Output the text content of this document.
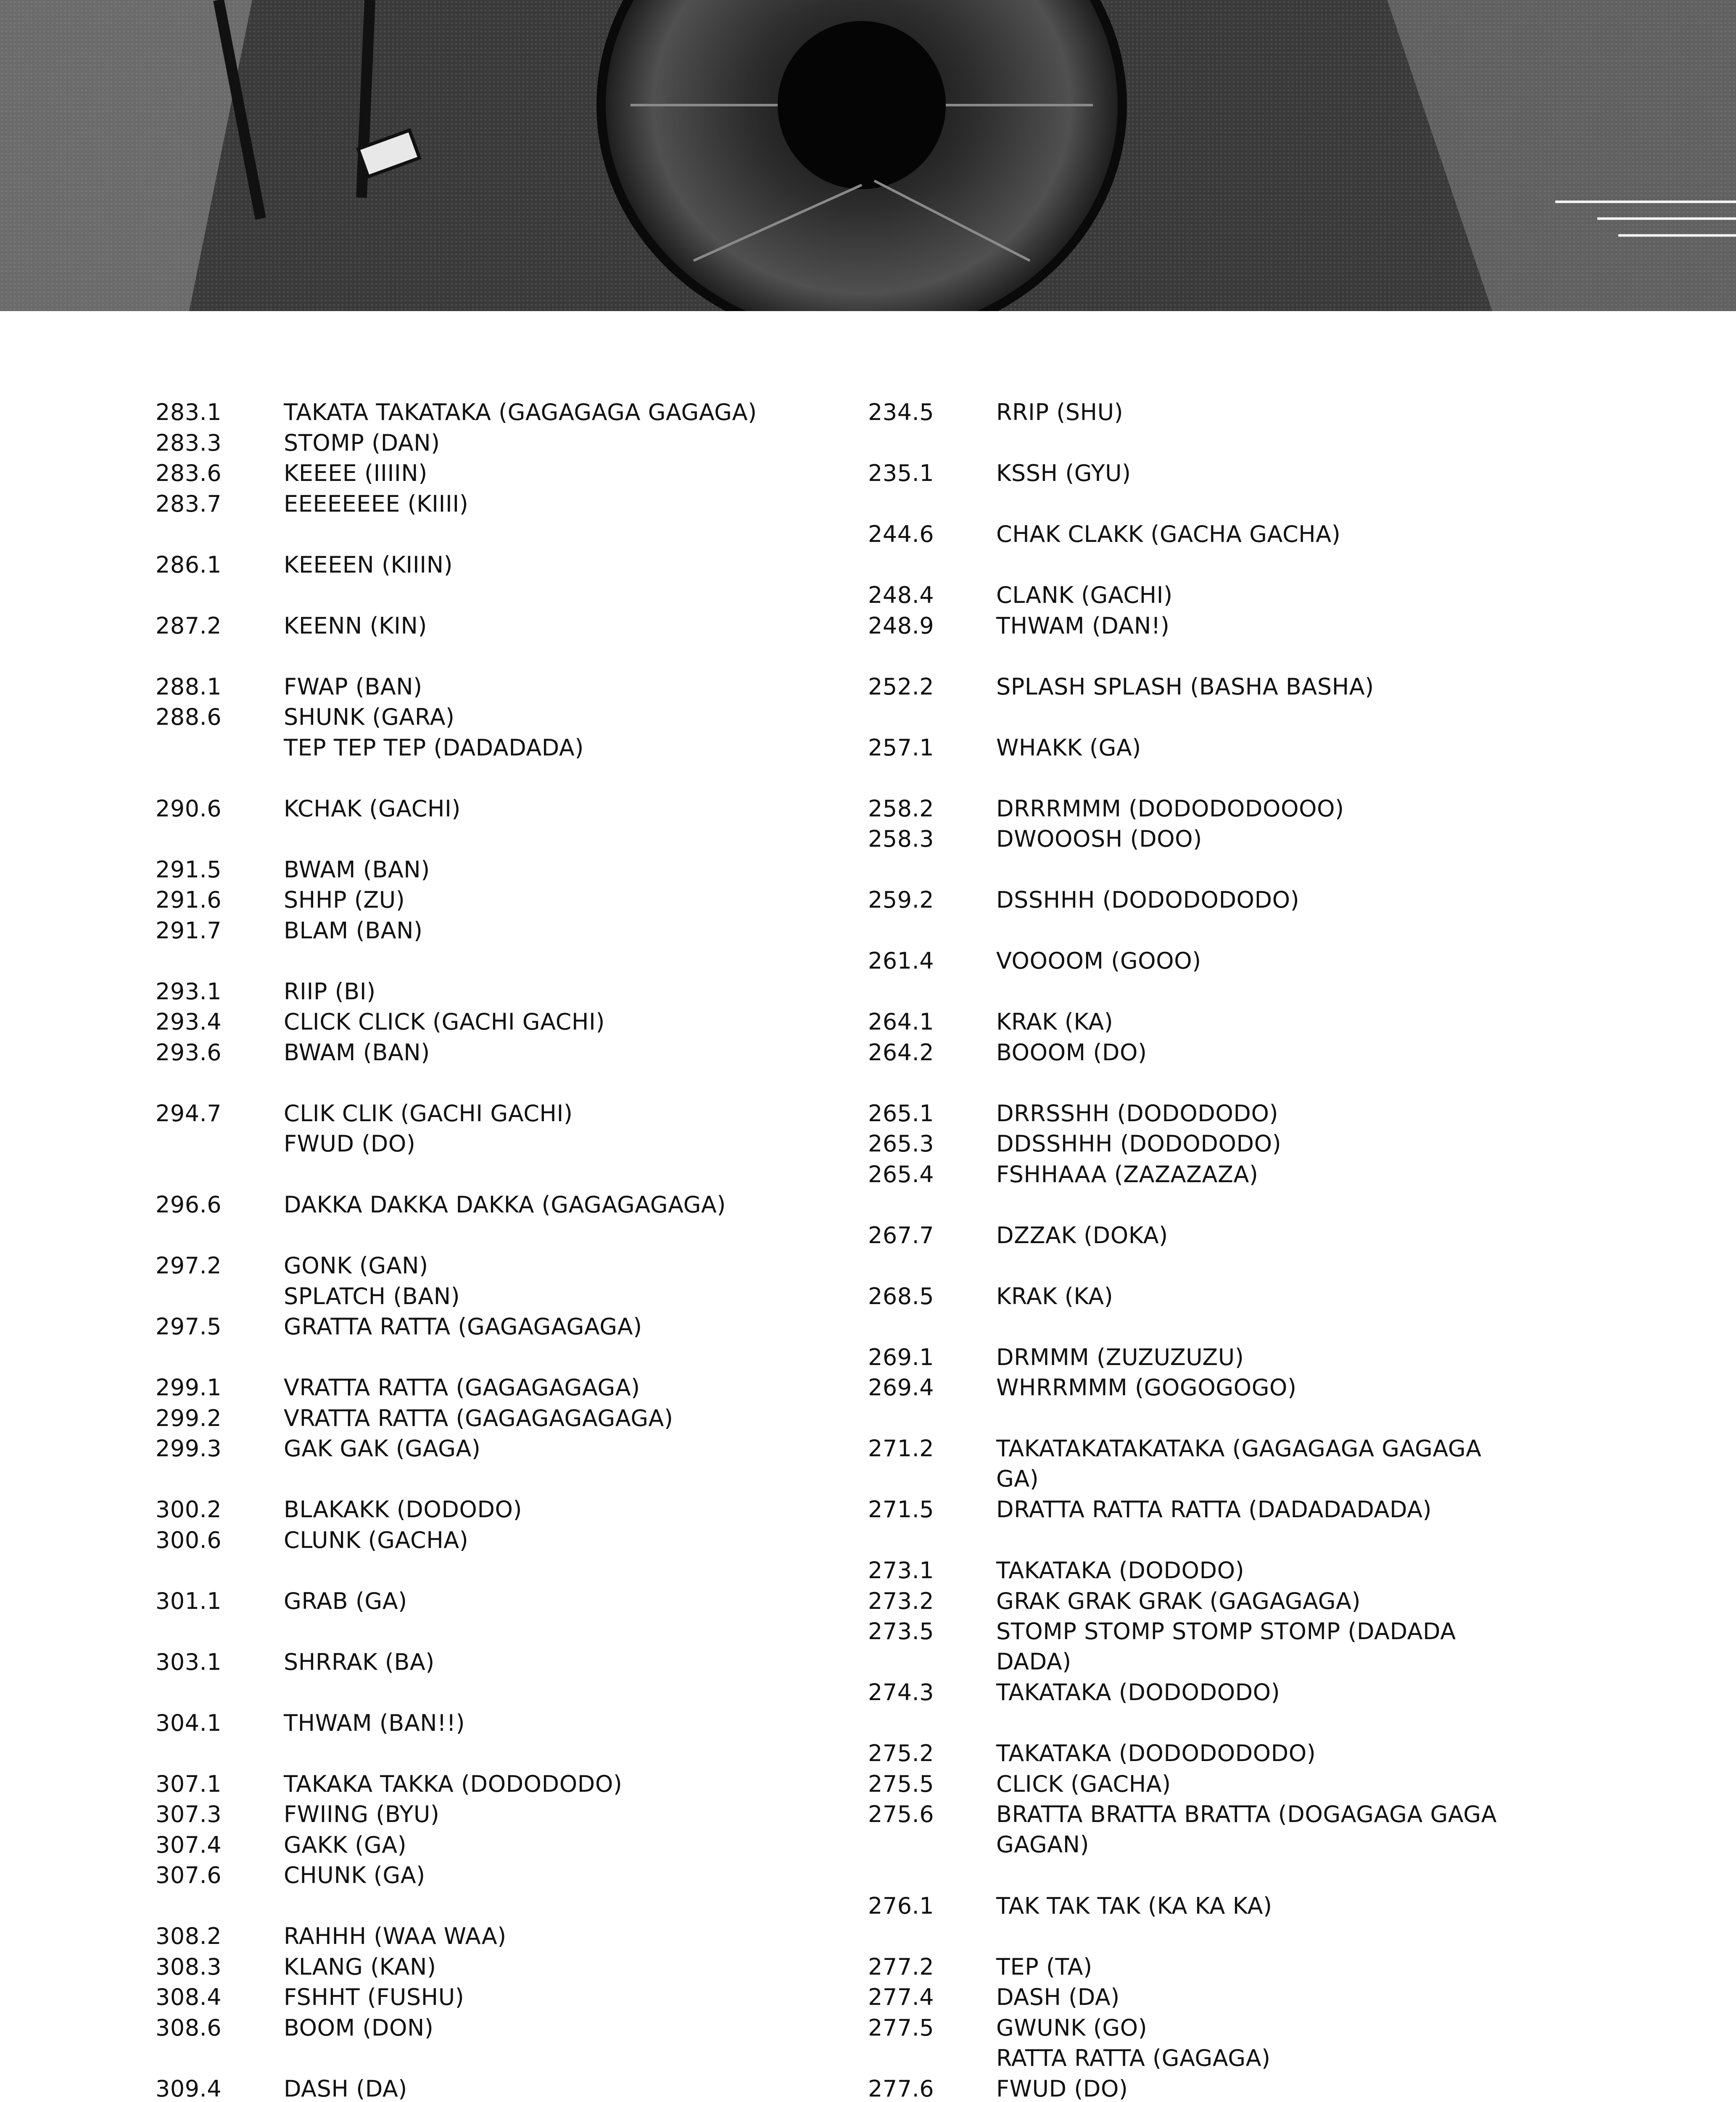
283.1	TAKATA TAKATAKA (GAGAGAGA GAGAGA)
283.3	STOMP (DAN)
283.6	KEEEE (IIIIN)
283.7	EEEEEEEE (KIIII)
286.1	KEEEEN (KIIIN)
287.2	KEENN (KIN)
288.1	FWAP (BAN)
288.6	SHUNK (GARA)
TEP TEP TEP (DADADADA)
290.6	KCHAK (GACHI)
291.5	BWAM (BAN)
291.6	SHHP (ZU)
291.7	BLAM (BAN)
293.1	RIIP (BI)
293.4	CLICK CLICK (GACHI GACHI)
293.6	BWAM (BAN)
294.7	CLIK CLIK (GACHI GACHI)
FWUD (DO)
296.6	DAKKA DAKKA DAKKA (GAGAGAGAGA)
297.2	GONK (GAN)
SPLATCH (BAN)
297.5	GRATTA RATTA (GAGAGAGAGA)
299.1	VRATTA RATTA (GAGAGAGAGA)
299.2	VRATTA RATTA (GAGAGAGAGAGA)
299.3	GAK GAK (GAGA)
300.2	BLAKAKK (DODODO)
300.6	CLUNK (GACHA)
301.1	GRAB (GA)
303.1	SHRRAK (BA)
304.1	THWAM (BAN!!)
307.1	TAKAKA TAKKA (DODODODO)
307.3	FWIING (BYU)
307.4	GAKK (GA)
307.6	CHUNK (GA)
308.2	RAHHH (WAA WAA)
308.3	KLANG (KAN)
308.4	FSHHT (FUSHU)
308.6	BOOM (DON)
309.4	DASH (DA)
234.5	RRIP (SHU)
235.1	KSSH (GYU)
244.6	CHAK CLAKK (GACHA GACHA)
248.4	CLANK (GACHI)
248.9	THWAM (DAN!)
252.2	SPLASH SPLASH (BASHA BASHA)
257.1	WHAKK (GA)
258.2	DRRRMMM (DODODODOOOO)
258.3	DWOOOSH (DOO)
259.2	DSSHHH (DODODODODO)
261.4	VOOOOM (GOOO)
264.1	KRAK (KA)
264.2	BOOOM (DO)
265.1	DRRSSHH (DODODODO)
265.3	DDSSHHH (DODODODO)
265.4	FSHHAAA (ZAZAZAZA)
267.7	DZZAK (DOKA)
268.5	KRAK (KA)
269.1	DRMMM (ZUZUZUZU)
269.4	WHRRMMM (GOGOGOGO)
271.2	TAKATAKATAKATAKA (GAGAGAGA GAGAGA
GA)
271.5	DRATTA RATTA RATTA (DADADADADA)
273.1	TAKATAKA (DODODO)
273.2	GRAK GRAK GRAK (GAGAGAGA)
273.5	STOMP STOMP STOMP STOMP (DADADA
DADA)
274.3	TAKATAKA (DODODODO)
275.2	TAKATAKA (DODODODODO)
275.5	CLICK (GACHA)
275.6	BRATTA BRATTA BRATTA (DOGAGAGA GAGA
GAGAN)
276.1	TAK TAK TAK (KA KA KA)
277.2	TEP (TA)
277.4	DASH (DA)
277.5	GWUNK (GO)
RATTA RATTA (GAGAGA)
277.6	FWUD (DO)
